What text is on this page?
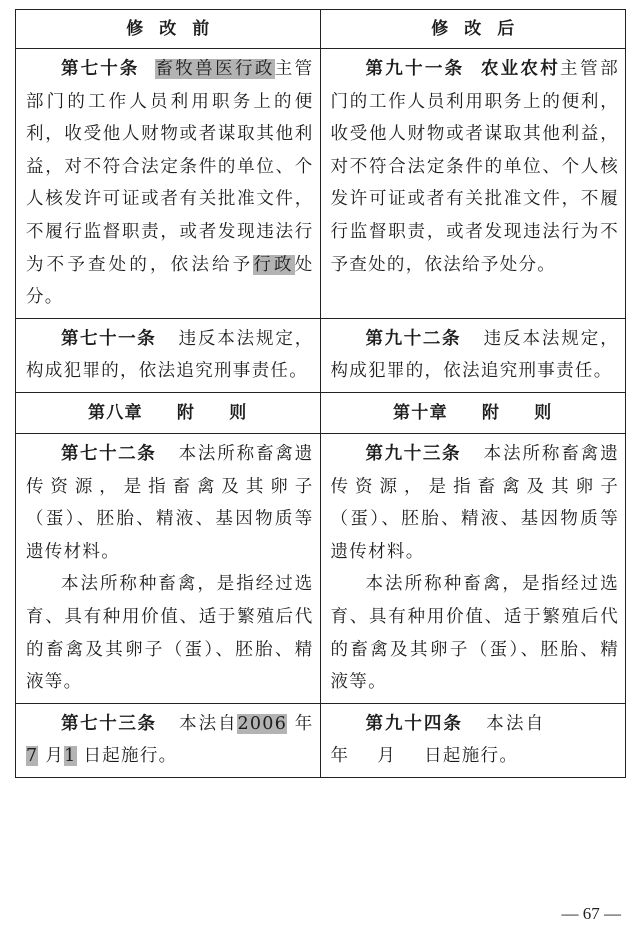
修改前	修改后

第七十条 畜牧兽医行政主管部门的工作人员利用职务上的便利，收受他人财物或者谋取其他利益，对不符合法定条件的单位、个人核发许可证或者有关批准文件，不履行监督职责，或者发现违法行为不予查处的，依法给予行政处分。

第九十一条 农业农村主管部门的工作人员利用职务上的便利，收受他人财物或者谋取其他利益，对不符合法定条件的单位、个人核发许可证或者有关批准文件，不履行监督职责，或者发现违法行为不予查处的，依法给予处分。

第七十一条 违反本法规定，构成犯罪的，依法追究刑事责任。

第九十二条 违反本法规定，构成犯罪的，依法追究刑事责任。

第八章 附 则	第十章 附 则

第七十二条 本法所称畜禽遗传资源，是指畜禽及其卵子（蛋）、胚胎、精液、基因物质等遗传材料。

本法所称种畜禽，是指经过选育、具有种用价值、适于繁殖后代的畜禽及其卵子（蛋）、胚胎、精液等。

第九十三条 本法所称畜禽遗传资源，是指畜禽及其卵子（蛋）、胚胎、精液、基因物质等遗传材料。

本法所称种畜禽，是指经过选育、具有种用价值、适于繁殖后代的畜禽及其卵子（蛋）、胚胎、精液等。

第七十三条 本法自2006 年7 月1 日起施行。

第九十四条 本法自年 月 日起施行。

— 67 —
